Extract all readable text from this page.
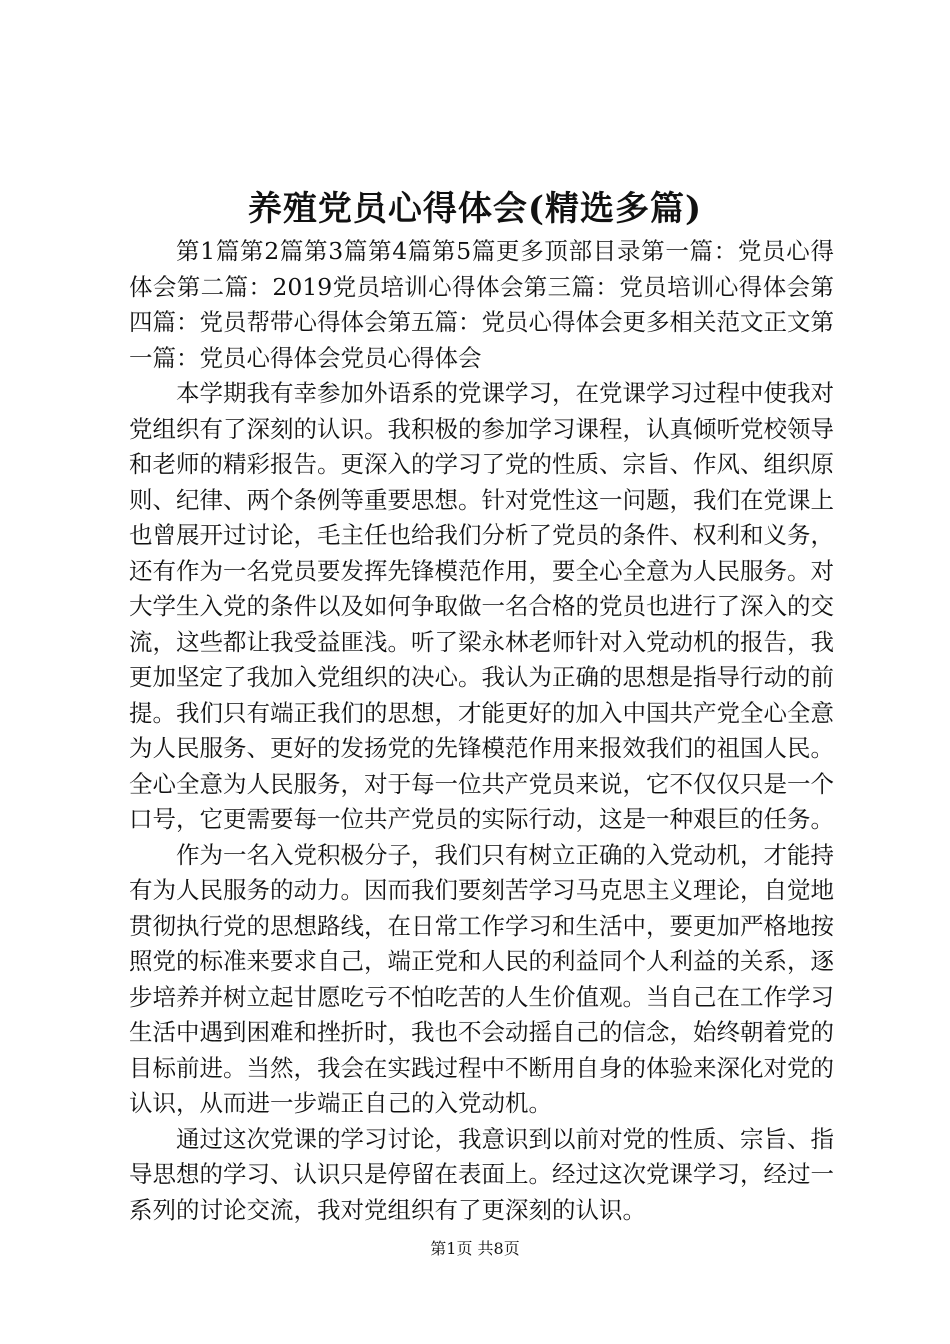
养殖党员心得体会(精选多篇)

第1篇第2篇第3篇第4篇第5篇更多顶部目录第一篇：党员心得体会第二篇：2019党员培训心得体会第三篇：党员培训心得体会第四篇：党员帮带心得体会第五篇：党员心得体会更多相关范文正文第一篇：党员心得体会党员心得体会

本学期我有幸参加外语系的党课学习，在党课学习过程中使我对党组织有了深刻的认识。我积极的参加学习课程，认真倾听党校领导和老师的精彩报告。更深入的学习了党的性质、宗旨、作风、组织原则、纪律、两个条例等重要思想。针对党性这一问题，我们在党课上也曾展开过讨论，毛主任也给我们分析了党员的条件、权利和义务，还有作为一名党员要发挥先锋模范作用，要全心全意为人民服务。对大学生入党的条件以及如何争取做一名合格的党员也进行了深入的交流，这些都让我受益匪浅。听了梁永林老师针对入党动机的报告，我更加坚定了我加入党组织的决心。我认为正确的思想是指导行动的前提。我们只有端正我们的思想，才能更好的加入中国共产党全心全意为人民服务、更好的发扬党的先锋模范作用来报效我们的祖国人民。全心全意为人民服务，对于每一位共产党员来说，它不仅仅只是一个口号，它更需要每一位共产党员的实际行动，这是一种艰巨的任务。

作为一名入党积极分子，我们只有树立正确的入党动机，才能持有为人民服务的动力。因而我们要刻苦学习马克思主义理论，自觉地贯彻执行党的思想路线，在日常工作学习和生活中，要更加严格地按照党的标准来要求自己，端正党和人民的利益同个人利益的关系，逐步培养并树立起甘愿吃亏不怕吃苦的人生价值观。当自己在工作学习生活中遇到困难和挫折时，我也不会动摇自己的信念，始终朝着党的目标前进。当然，我会在实践过程中不断用自身的体验来深化对党的认识，从而进一步端正自己的入党动机。

通过这次党课的学习讨论，我意识到以前对党的性质、宗旨、指导思想的学习、认识只是停留在表面上。经过这次党课学习，经过一系列的讨论交流，我对党组织有了更深刻的认识。

第1页 共8页
